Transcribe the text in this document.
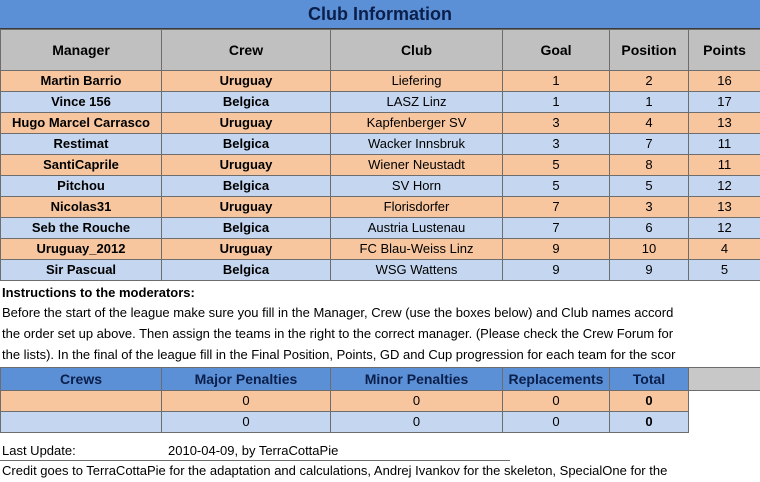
Club Information
Manager	Crew	Club	Goal	Position	Points
Martin Barrio	Uruguay	Liefering	1	2	16
Vince 156	Belgica	LASZ Linz	1	1	17
Hugo Marcel Carrasco	Uruguay	Kapfenberger SV	3	4	13
Restimat	Belgica	Wacker Innsbruk	3	7	11
SantiCaprile	Uruguay	Wiener Neustadt	5	8	11
Pitchou	Belgica	SV Horn	5	5	12
Nicolas31	Uruguay	Florisdorfer	7	3	13
Seb the Rouche	Belgica	Austria Lustenau	7	6	12
Uruguay_2012	Uruguay	FC Blau-Weiss Linz	9	10	4
Sir Pascual	Belgica	WSG Wattens	9	9	5
Instructions to the moderators:
Before the start of the league make sure you fill in the Manager, Crew (use the boxes below) and Club names accord
the order set up above. Then assign the teams in the right to the correct manager. (Please check the Crew Forum for
the lists). In the final of the league fill in the Final Position, Points, GD and Cup progression for each team for the scor
Crews	Major Penalties	Minor Penalties	Replacements	Total	
	0	0	0	0	
	0	0	0	0	
Last Update:	2010-04-09, by TerraCottaPie
Credit goes to TerraCottaPie for the adaptation and calculations, Andrej Ivankov for the skeleton, SpecialOne for the
